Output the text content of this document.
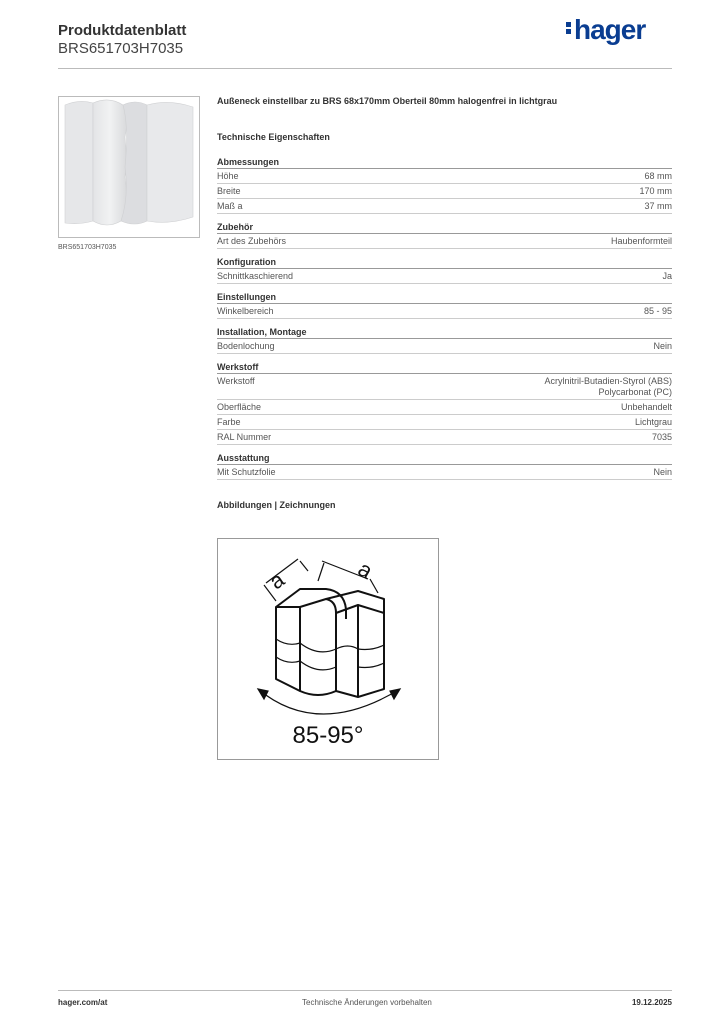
Produktdatenblatt
BRS651703H7035
hager
BRS651703H7035
Außeneck einstellbar zu BRS 68x170mm Oberteil 80mm halogenfrei in lichtgrau
Technische Eigenschaften
Abmessungen
Höhe	68 mm
Breite	170 mm
Maß a	37 mm
Zubehör
Art des Zubehörs	Haubenformteil
Konfiguration
Schnittkaschierend	Ja
Einstellungen
Winkelbereich	85 - 95
Installation, Montage
Bodenlochung	Nein
Werkstoff
Werkstoff	Acrylnitril-Butadien-Styrol (ABS)
Polycarbonat (PC)
Oberfläche	Unbehandelt
Farbe	Lichtgrau
RAL Nummer	7035
Ausstattung
Mit Schutzfolie	Nein
Abbildungen | Zeichnungen
a	a
85-95°
hager.com/at	Technische Änderungen vorbehalten	19.12.2025
